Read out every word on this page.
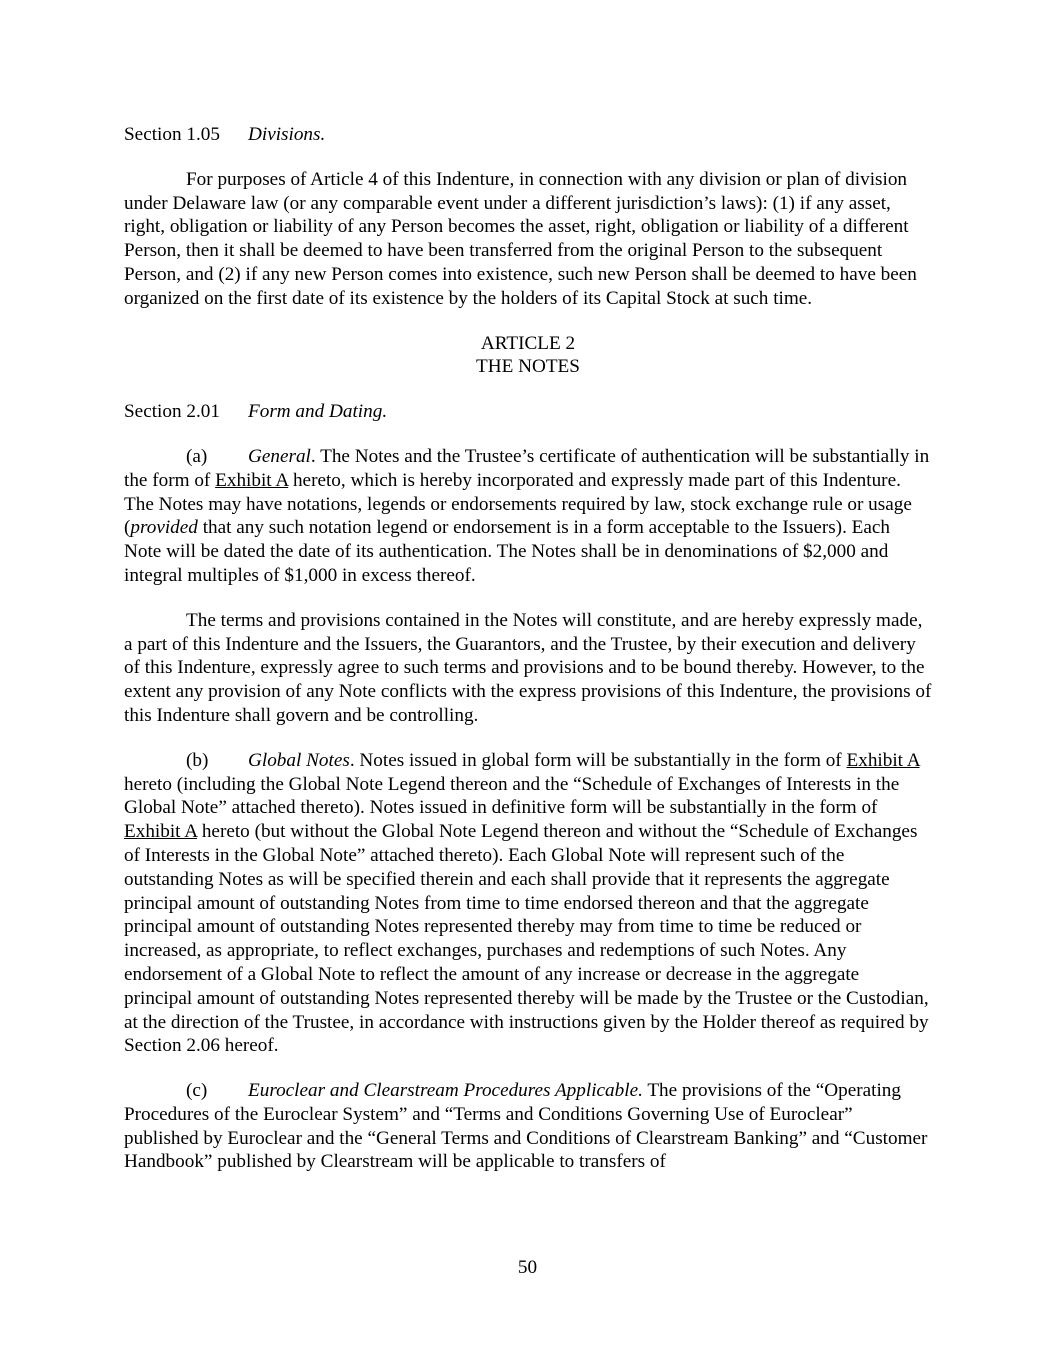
Section 1.05 Divisions.

For purposes of Article 4 of this Indenture, in connection with any division or plan of division under Delaware law (or any comparable event under a different jurisdiction’s laws): (1) if any asset, right, obligation or liability of any Person becomes the asset, right, obligation or liability of a different Person, then it shall be deemed to have been transferred from the original Person to the subsequent Person, and (2) if any new Person comes into existence, such new Person shall be deemed to have been organized on the first date of its existence by the holders of its Capital Stock at such time.

ARTICLE 2

THE NOTES

Section 2.01 Form and Dating.

(a) General. The Notes and the Trustee’s certificate of authentication will be substantially in the form of Exhibit A hereto, which is hereby incorporated and expressly made part of this Indenture. The Notes may have notations, legends or endorsements required by law, stock exchange rule or usage (provided that any such notation legend or endorsement is in a form acceptable to the Issuers). Each Note will be dated the date of its authentication. The Notes shall be in denominations of $2,000 and integral multiples of $1,000 in excess thereof.

The terms and provisions contained in the Notes will constitute, and are hereby expressly made, a part of this Indenture and the Issuers, the Guarantors, and the Trustee, by their execution and delivery of this Indenture, expressly agree to such terms and provisions and to be bound thereby. However, to the extent any provision of any Note conflicts with the express provisions of this Indenture, the provisions of this Indenture shall govern and be controlling.

(b) Global Notes. Notes issued in global form will be substantially in the form of Exhibit A hereto (including the Global Note Legend thereon and the “Schedule of Exchanges of Interests in the Global Note” attached thereto). Notes issued in definitive form will be substantially in the form of Exhibit A hereto (but without the Global Note Legend thereon and without the “Schedule of Exchanges of Interests in the Global Note” attached thereto). Each Global Note will represent such of the outstanding Notes as will be specified therein and each shall provide that it represents the aggregate principal amount of outstanding Notes from time to time endorsed thereon and that the aggregate principal amount of outstanding Notes represented thereby may from time to time be reduced or increased, as appropriate, to reflect exchanges, purchases and redemptions of such Notes. Any endorsement of a Global Note to reflect the amount of any increase or decrease in the aggregate principal amount of outstanding Notes represented thereby will be made by the Trustee or the Custodian, at the direction of the Trustee, in accordance with instructions given by the Holder thereof as required by Section 2.06 hereof.

(c) Euroclear and Clearstream Procedures Applicable. The provisions of the “Operating Procedures of the Euroclear System” and “Terms and Conditions Governing Use of Euroclear” published by Euroclear and the “General Terms and Conditions of Clearstream Banking” and “Customer Handbook” published by Clearstream will be applicable to transfers of

50
